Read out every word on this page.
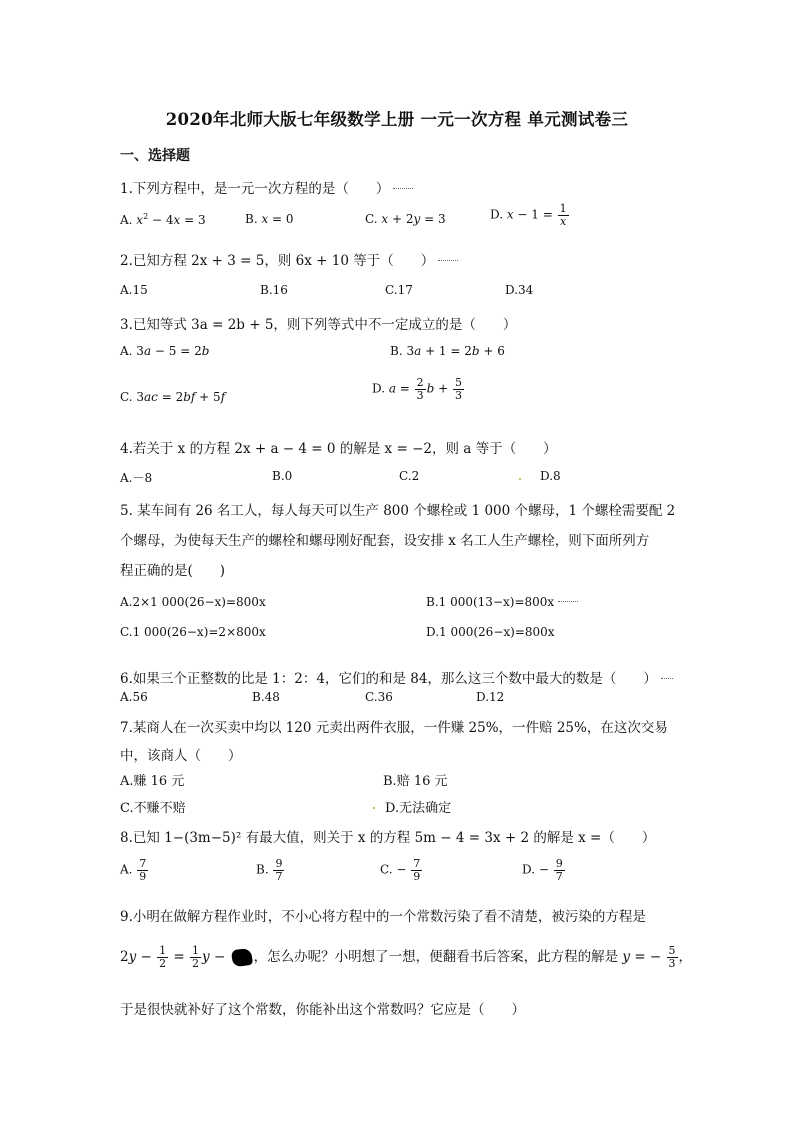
2020年北师大版七年级数学上册 一元一次方程 单元测试卷三
一、选择题
1.下列方程中，是一元一次方程的是（　　）
A. $x^2 - 4x = 3$	B. x = 0	C. x + 2y = 3	D. $x - 1 = \frac{1}{x}$
2.已知方程 2x + 3 = 5，则 6x + 10 等于（　　）
A.15	B.16	C.17	D.34
3.已知等式 3a = 2b + 5，则下列等式中不一定成立的是（　　）
A. 3a − 5 = 2b	B. 3a + 1 = 2b + 6
C. 3ac = 2bf + 5f
D. $a = \frac{2}{3}$ $b + \frac{5}{3}$
4.若关于 x 的方程 2x + a − 4 = 0 的解是 x = −2，则 a 等于（　　）
A.－8	B.0	C.2	D.8
5. 某车间有 26 名工人，每人每天可以生产 800 个螺栓或 1 000 个螺母，1 个螺栓需要配 2
个螺母，为使每天生产的螺栓和螺母刚好配套，设安排 x 名工人生产螺栓，则下面所列方
程正确的是(　　)
A.2×1 000(26−x)=800x	B.1 000(13−x)=800x
C.1 000(26−x)=2×800x	D.1 000(26−x)=800x
6.如果三个正整数的比是 1：2：4，它们的和是 84，那么这三个数中最大的数是（　　）
A.56	B.48	C.36	D.12
7.某商人在一次买卖中均以 120 元卖出两件衣服，一件赚 25%，一件赔 25%，在这次交易
中，该商人（　　）
A.赚 16 元	B.赔 16 元
C.不赚不赔	D.无法确定
8.已知 1−(3m−5)² 有最大值，则关于 x 的方程 5m − 4 = 3x + 2 的解是 x =（　　）
A. $\frac{7}{9}$	B. $\frac{9}{7}$	C. − $\frac{7}{9}$	D. − $\frac{9}{7}$
9.小明在做解方程作业时，不小心将方程中的一个常数污染了看不清楚，被污染的方程是
$2y - \frac{1}{2} = \frac{1}{2}$ y − ，怎么办呢？小明想了一想，便翻看书后答案，此方程的解是 y = − $\frac{5}{3}$ ，
于是很快就补好了这个常数，你能补出这个常数吗？它应是（　　）
